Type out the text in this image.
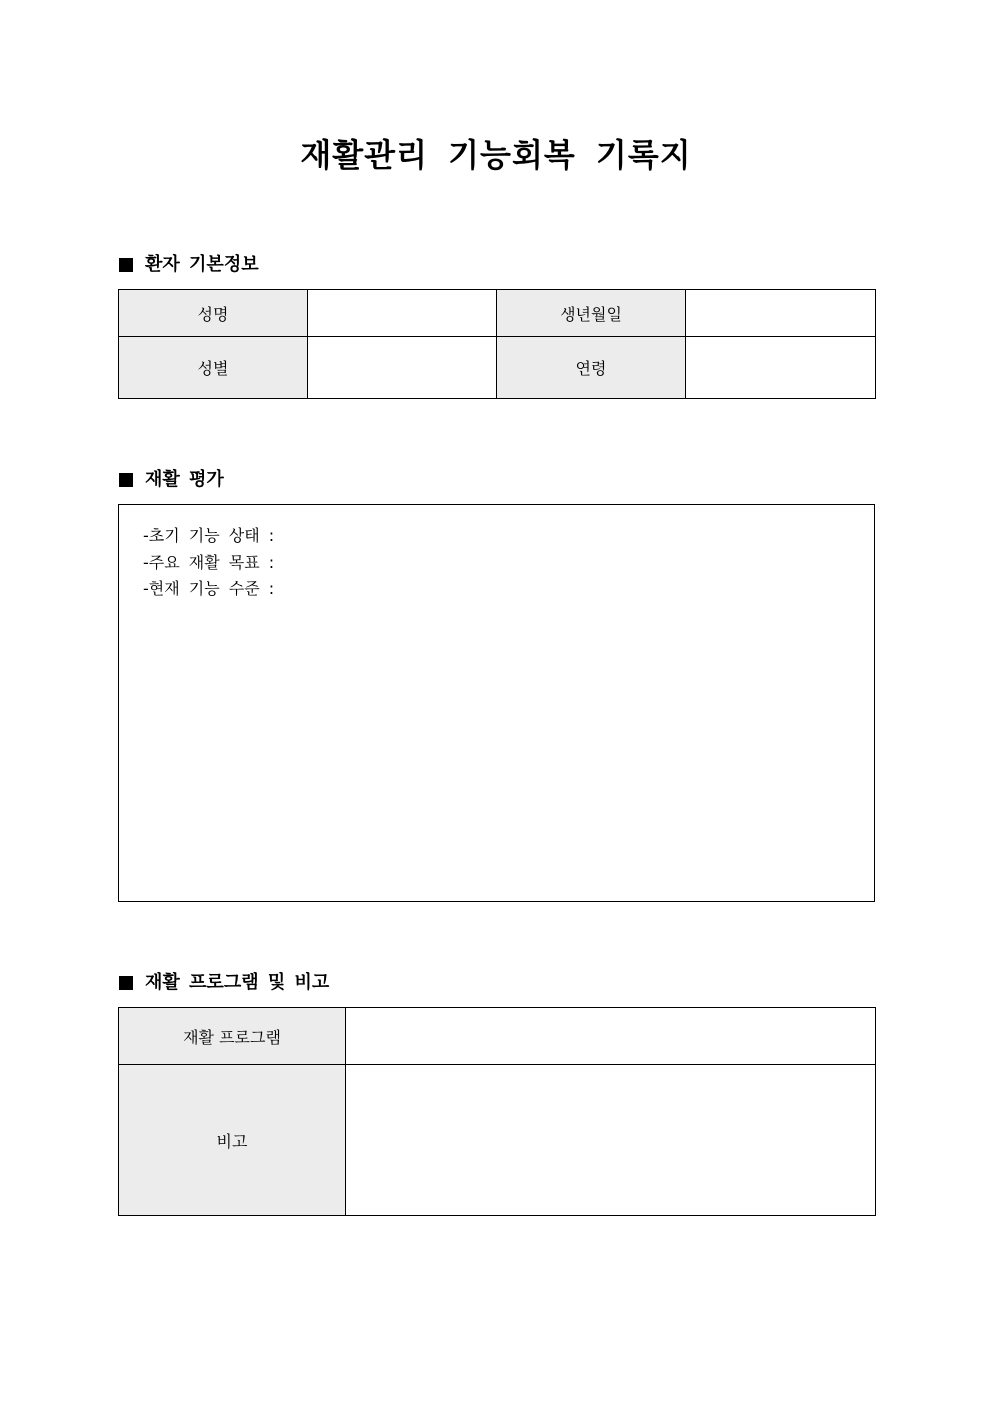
재활관리 기능회복 기록지
환자 기본정보
성명		생년월일	
성별		연령	
재활 평가
-초기 기능 상태 :
-주요 재활 목표 :
-현재 기능 수준 :
재활 프로그램 및 비고
재활 프로그램	
비고	
